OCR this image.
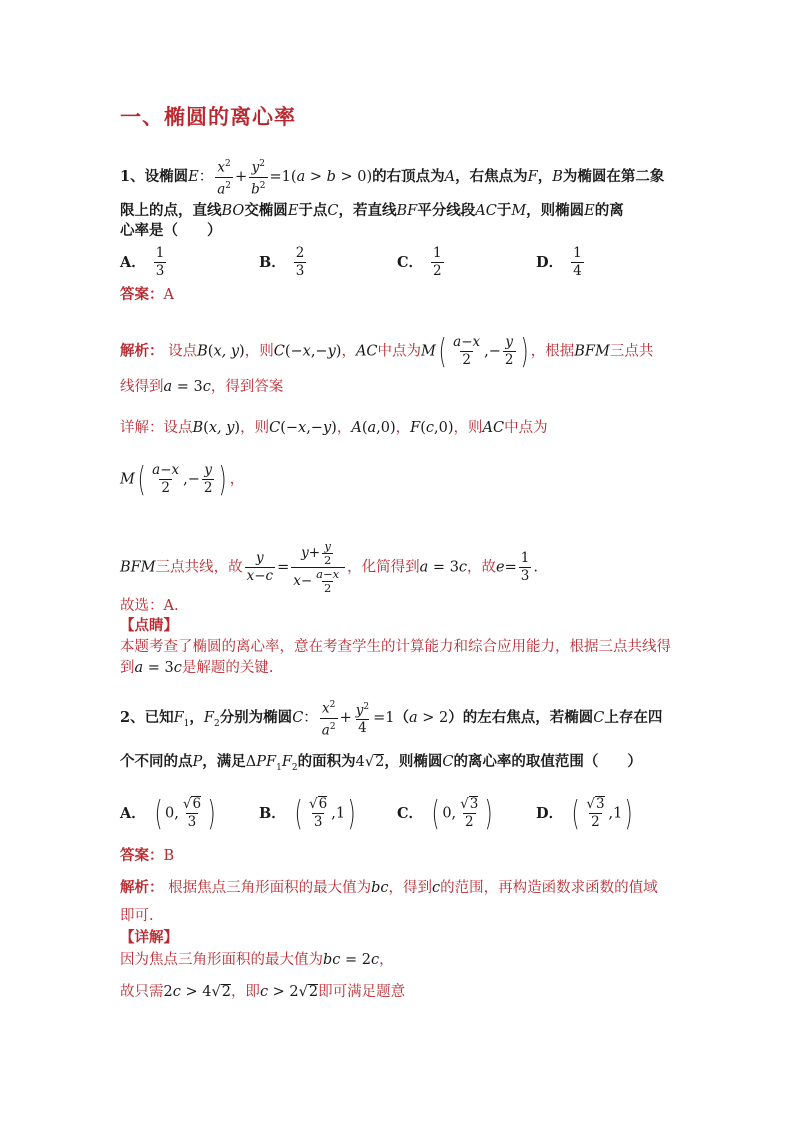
一、椭圆的离心率
1、设椭圆E： $\frac{x^2}{a^2} + \frac{y^2}{b^2} =1(a > b > 0)$的右顶点为A，右焦点为F，B为椭圆在第二象
限上的点，直线BO交椭圆E于点C，若直线BF平分线段AC于M，则椭圆E的离
心率是（　　）
A． $\frac{1}{3}$	B． $\frac{2}{3}$	C． $\frac{1}{2}$	D． $\frac{1}{4}$
答案：A
解析： 设点B(x, y)，则C(−x,−y)，AC中点为$M( \frac{a-x}{2}$ ,− $\frac{y}{2}$ ) ，根据BFM三点共
线得到a = 3c，得到答案
详解：设点B(x, y)，则C(−x,−y)，A(a,0)，F(c,0)，则AC中点为
$M( \frac{a-x}{2}$ ,− $\frac{y}{2}$ ) ，
BFM三点共线，故 $\frac{y}{x-c} = \frac{y+ \frac{y}{2}}{x- \frac{a-x}{2}}$ ，化简得到a = 3c，故$e= \frac{1}{3}$ .
故选：A.
【点睛】
本题考查了椭圆的离心率，意在考查学生的计算能力和综合应用能力，根据三点共线得
到a = 3c是解题的关键.
2、已知$F_1$，$F_2$分别为椭圆C： $\frac{x^2}{a^2} + \frac{y^2}{4} =1(a > 2)$的左右焦点，若椭圆C上存在四
个不同的点P，满足$\Delta PF_1F_2$的面积为4√2，则椭圆C的离心率的取值范围（　　）
A． ( 0, $\frac{√6}{3}$ )	B． ( $\frac{√6}{3} ,1$)	C． ( 0, $\frac{√3}{2}$ )	D． ( $\frac{√3}{2} ,1$)
答案：B
解析： 根据焦点三角形面积的最大值为bc，得到c的范围，再构造函数求函数的值域
即可.
【详解】
因为焦点三角形面积的最大值为bc = 2c，
故只需2c > 4√2，即c > 2√2即可满足题意
